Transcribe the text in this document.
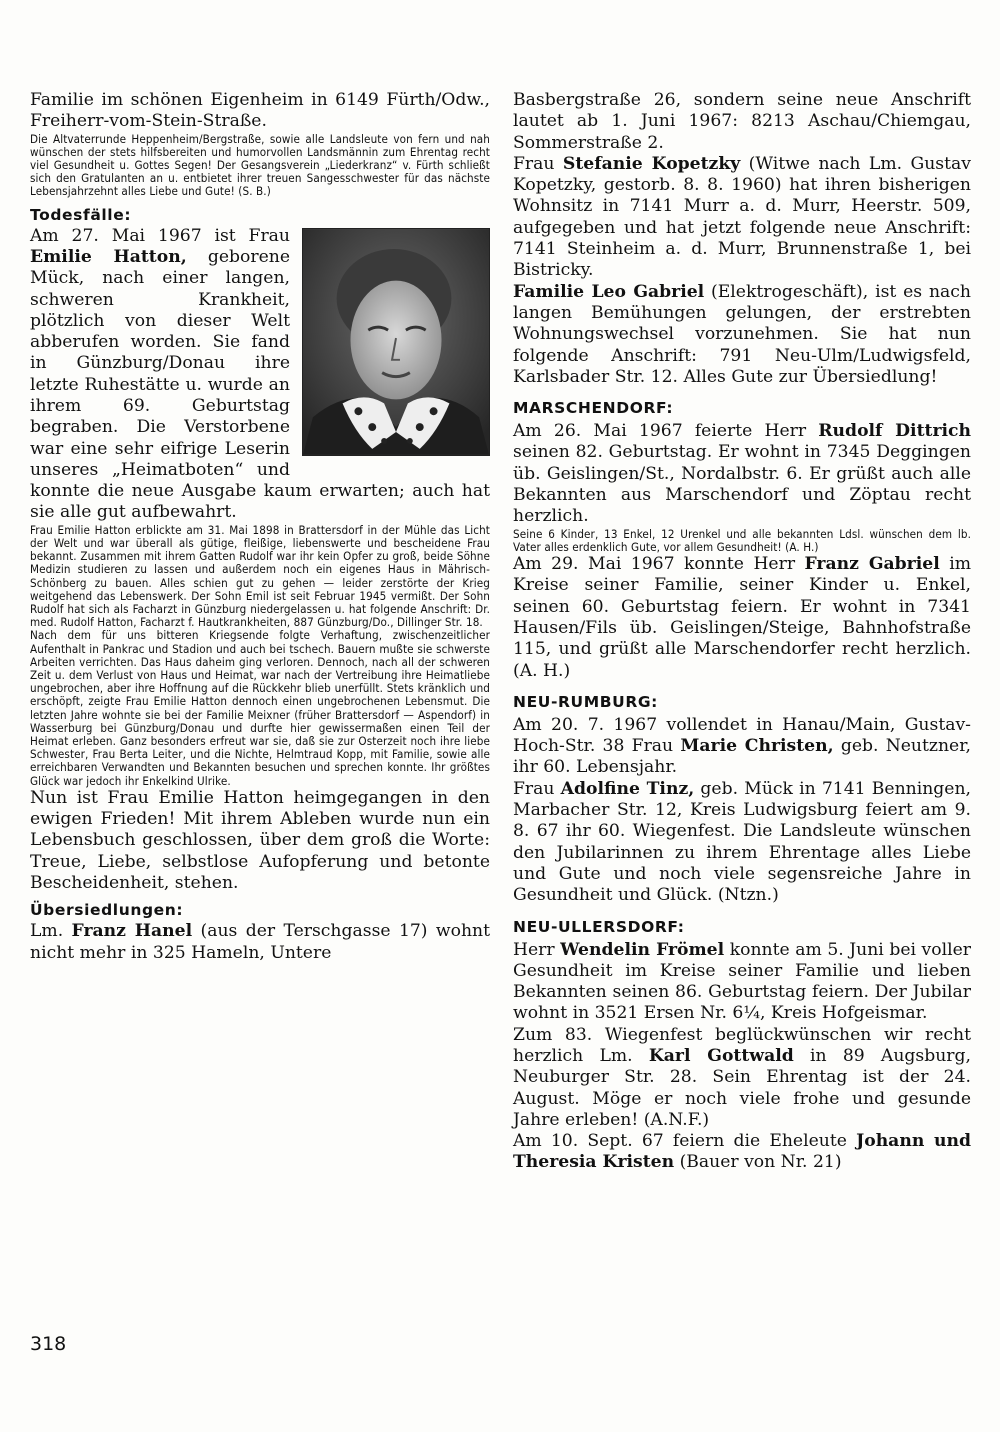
Familie im schönen Eigenheim in 6149 Fürth/Odw., Freiherr-vom-Stein-Straße.

Die Altvaterrunde Heppenheim/Bergstraße, sowie alle Landsleute von fern und nah wünschen der stets hilfsbereiten und humorvollen Landsmännin zum Ehrentag recht viel Gesundheit u. Gottes Segen! Der Gesangsverein „Liederkranz“ v. Fürth schließt sich den Gratulanten an u. entbietet ihrer treuen Sangesschwester für das nächste Lebensjahrzehnt alles Liebe und Gute! (S. B.)

Todesfälle:

Am 27. Mai 1967 ist Frau Emilie Hatton, geborene Mück, nach einer langen, schweren Krankheit, plötzlich von dieser Welt abberufen worden. Sie fand in Günzburg/Donau ihre letzte Ruhestätte u. wurde an ihrem 69. Geburtstag begraben. Die Verstorbene war eine sehr eifrige Leserin unseres „Heimatboten“ und konnte die neue Ausgabe kaum erwarten; auch hat sie alle gut aufbewahrt.

Frau Emilie Hatton erblickte am 31. Mai 1898 in Brattersdorf in der Mühle das Licht der Welt und war überall als gütige, fleißige, liebenswerte und bescheidene Frau bekannt. Zusammen mit ihrem Gatten Rudolf war ihr kein Opfer zu groß, beide Söhne Medizin studieren zu lassen und außerdem noch ein eigenes Haus in Mährisch-Schönberg zu bauen. Alles schien gut zu gehen — leider zerstörte der Krieg weitgehend das Lebenswerk. Der Sohn Emil ist seit Februar 1945 vermißt. Der Sohn Rudolf hat sich als Facharzt in Günzburg niedergelassen u. hat folgende Anschrift: Dr. med. Rudolf Hatton, Facharzt f. Hautkrankheiten, 887 Günzburg/Do., Dillinger Str. 18.

Nach dem für uns bitteren Kriegsende folgte Verhaftung, zwischenzeitlicher Aufenthalt in Pankrac und Stadion und auch bei tschech. Bauern mußte sie schwerste Arbeiten verrichten. Das Haus daheim ging verloren. Dennoch, nach all der schweren Zeit u. dem Verlust von Haus und Heimat, war nach der Vertreibung ihre Heimatliebe ungebrochen, aber ihre Hoffnung auf die Rückkehr blieb unerfüllt. Stets kränklich und erschöpft, zeigte Frau Emilie Hatton dennoch einen ungebrochenen Lebensmut. Die letzten Jahre wohnte sie bei der Familie Meixner (früher Brattersdorf — Aspendorf) in Wasserburg bei Günzburg/Donau und durfte hier gewissermaßen einen Teil der Heimat erleben. Ganz besonders erfreut war sie, daß sie zur Osterzeit noch ihre liebe Schwester, Frau Berta Leiter, und die Nichte, Helmtraud Kopp, mit Familie, sowie alle erreichbaren Verwandten und Bekannten besuchen und sprechen konnte. Ihr größtes Glück war jedoch ihr Enkelkind Ulrike.

Nun ist Frau Emilie Hatton heimgegangen in den ewigen Frieden! Mit ihrem Ableben wurde nun ein Lebensbuch geschlossen, über dem groß die Worte: Treue, Liebe, selbstlose Aufopferung und betonte Bescheidenheit, stehen.

Übersiedlungen:

Lm. Franz Hanel (aus der Terschgasse 17) wohnt nicht mehr in 325 Hameln, Untere

Basbergstraße 26, sondern seine neue Anschrift lautet ab 1. Juni 1967: 8213 Aschau/Chiemgau, Sommerstraße 2.

Frau Stefanie Kopetzky (Witwe nach Lm. Gustav Kopetzky, gestorb. 8. 8. 1960) hat ihren bisherigen Wohnsitz in 7141 Murr a. d. Murr, Heerstr. 509, aufgegeben und hat jetzt folgende neue Anschrift: 7141 Steinheim a. d. Murr, Brunnenstraße 1, bei Bistricky.

Familie Leo Gabriel (Elektrogeschäft), ist es nach langen Bemühungen gelungen, der erstrebten Wohnungswechsel vorzunehmen. Sie hat nun folgende Anschrift: 791 Neu-Ulm/Ludwigsfeld, Karlsbader Str. 12. Alles Gute zur Übersiedlung!

MARSCHENDORF:

Am 26. Mai 1967 feierte Herr Rudolf Dittrich seinen 82. Geburtstag. Er wohnt in 7345 Deggingen üb. Geislingen/St., Nordalbstr. 6. Er grüßt auch alle Bekannten aus Marschendorf und Zöptau recht herzlich.

Seine 6 Kinder, 13 Enkel, 12 Urenkel und alle bekannten Ldsl. wünschen dem lb. Vater alles erdenklich Gute, vor allem Gesundheit! (A. H.)

Am 29. Mai 1967 konnte Herr Franz Gabriel im Kreise seiner Familie, seiner Kinder u. Enkel, seinen 60. Geburtstag feiern. Er wohnt in 7341 Hausen/Fils üb. Geislingen/Steige, Bahnhofstraße 115, und grüßt alle Marschendorfer recht herzlich. (A. H.)

NEU-RUMBURG:

Am 20. 7. 1967 vollendet in Hanau/Main, Gustav-Hoch-Str. 38 Frau Marie Christen, geb. Neutzner, ihr 60. Lebensjahr.

Frau Adolfine Tinz, geb. Mück in 7141 Benningen, Marbacher Str. 12, Kreis Ludwigsburg feiert am 9. 8. 67 ihr 60. Wiegenfest. Die Landsleute wünschen den Jubilarinnen zu ihrem Ehrentage alles Liebe und Gute und noch viele segensreiche Jahre in Gesundheit und Glück. (Ntzn.)

NEU-ULLERSDORF:

Herr Wendelin Frömel konnte am 5. Juni bei voller Gesundheit im Kreise seiner Familie und lieben Bekannten seinen 86. Geburtstag feiern. Der Jubilar wohnt in 3521 Ersen Nr. 6¼, Kreis Hofgeismar.

Zum 83. Wiegenfest beglückwünschen wir recht herzlich Lm. Karl Gottwald in 89 Augsburg, Neuburger Str. 28. Sein Ehrentag ist der 24. August. Möge er noch viele frohe und gesunde Jahre erleben! (A.N.F.)

Am 10. Sept. 67 feiern die Eheleute Johann und Theresia Kristen (Bauer von Nr. 21)

318
